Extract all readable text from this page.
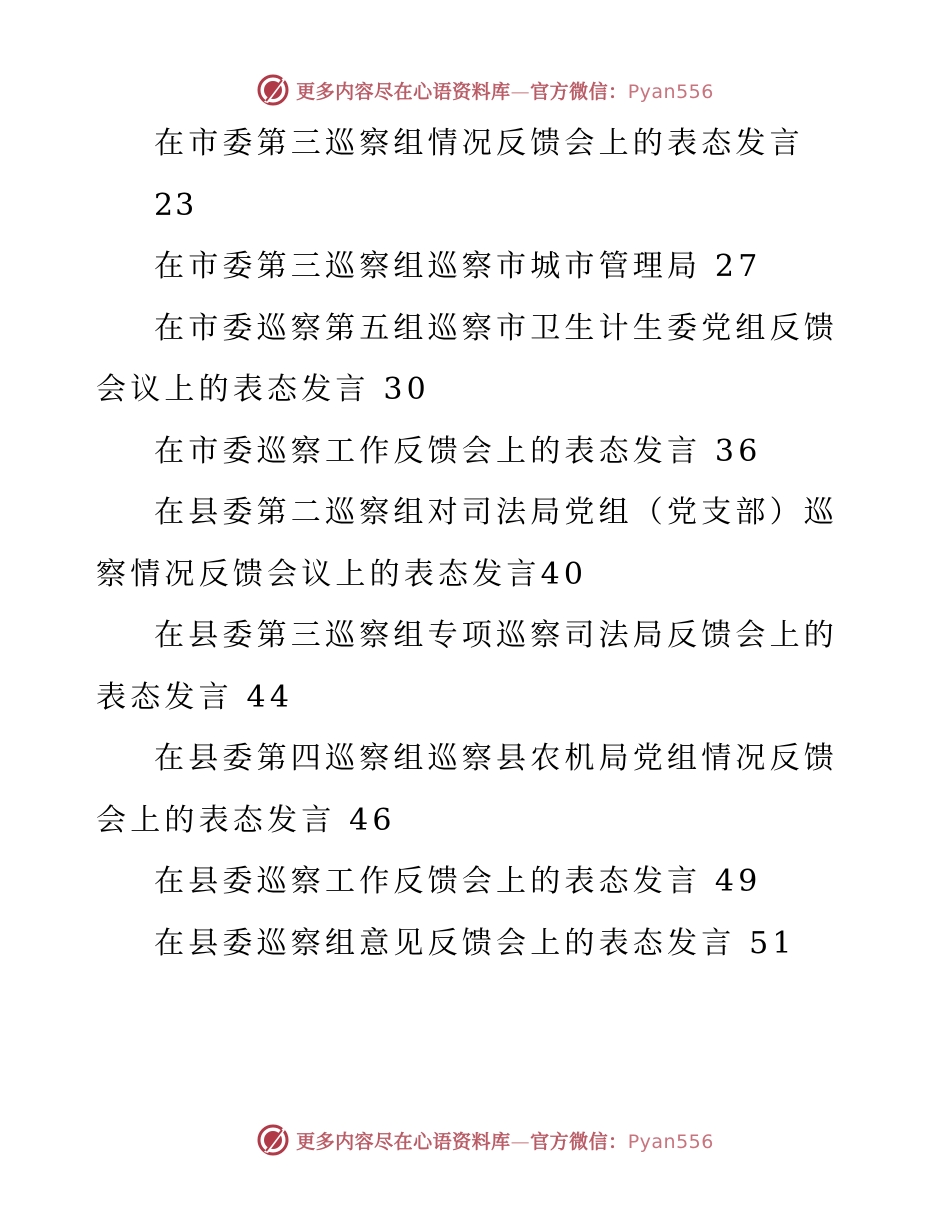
更多内容尽在心语资料库—官方微信：Pyan556

在市委第三巡察组情况反馈会上的表态发言
23

在市委第三巡察组巡察市城市管理局 27

在市委巡察第五组巡察市卫生计生委党组反馈
会议上的表态发言 30

在市委巡察工作反馈会上的表态发言 36

在县委第二巡察组对司法局党组（党支部）巡
察情况反馈会议上的表态发言40

在县委第三巡察组专项巡察司法局反馈会上的
表态发言 44

在县委第四巡察组巡察县农机局党组情况反馈
会上的表态发言 46

在县委巡察工作反馈会上的表态发言 49

在县委巡察组意见反馈会上的表态发言 51

更多内容尽在心语资料库—官方微信：Pyan556
